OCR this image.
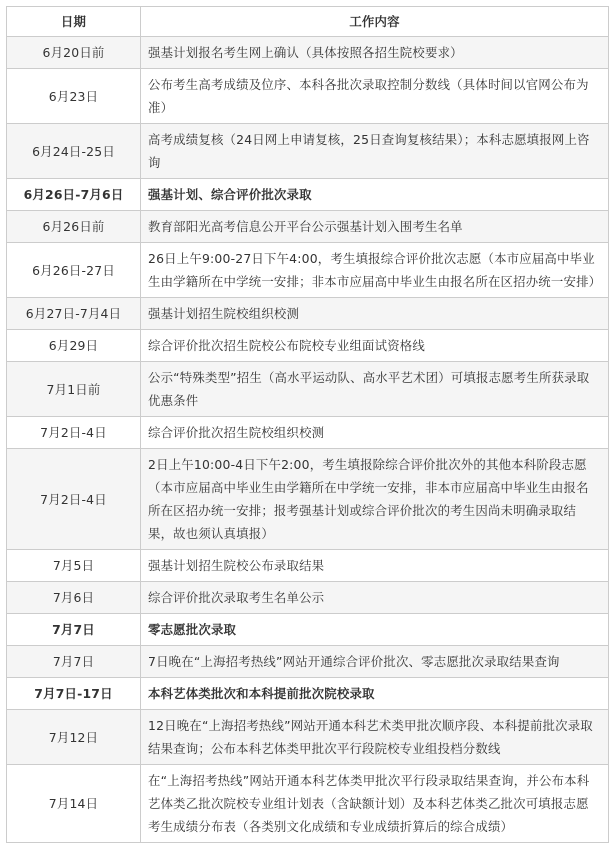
日期	工作内容
6月20日前	强基计划报名考生网上确认（具体按照各招生院校要求）
6月23日	公布考生高考成绩及位序、本科各批次录取控制分数线（具体时间以官网公布为准）
6月24日-25日	高考成绩复核（24日网上申请复核，25日查询复核结果）；本科志愿填报网上咨询
6月26日-7月6日	强基计划、综合评价批次录取
6月26日前	教育部阳光高考信息公开平台公示强基计划入围考生名单
6月26日-27日	26日上午9:00-27日下午4:00，考生填报综合评价批次志愿（本市应届高中毕业生由学籍所在中学统一安排；非本市应届高中毕业生由报名所在区招办统一安排）
6月27日-7月4日	强基计划招生院校组织校测
6月29日	综合评价批次招生院校公布院校专业组面试资格线
7月1日前	公示“特殊类型”招生（高水平运动队、高水平艺术团）可填报志愿考生所获录取优惠条件
7月2日-4日	综合评价批次招生院校组织校测
7月2日-4日	2日上午10:00-4日下午2:00，考生填报除综合评价批次外的其他本科阶段志愿（本市应届高中毕业生由学籍所在中学统一安排，非本市应届高中毕业生由报名所在区招办统一安排；报考强基计划或综合评价批次的考生因尚未明确录取结果，故也须认真填报）
7月5日	强基计划招生院校公布录取结果
7月6日	综合评价批次录取考生名单公示
7月7日	零志愿批次录取
7月7日	7日晚在“上海招考热线”网站开通综合评价批次、零志愿批次录取结果查询
7月7日-17日	本科艺体类批次和本科提前批次院校录取
7月12日	12日晚在“上海招考热线”网站开通本科艺术类甲批次顺序段、本科提前批次录取结果查询；公布本科艺体类甲批次平行段院校专业组投档分数线
7月14日	在“上海招考热线”网站开通本科艺体类甲批次平行段录取结果查询，并公布本科艺体类乙批次院校专业组计划表（含缺额计划）及本科艺体类乙批次可填报志愿考生成绩分布表（各类别文化成绩和专业成绩折算后的综合成绩）
